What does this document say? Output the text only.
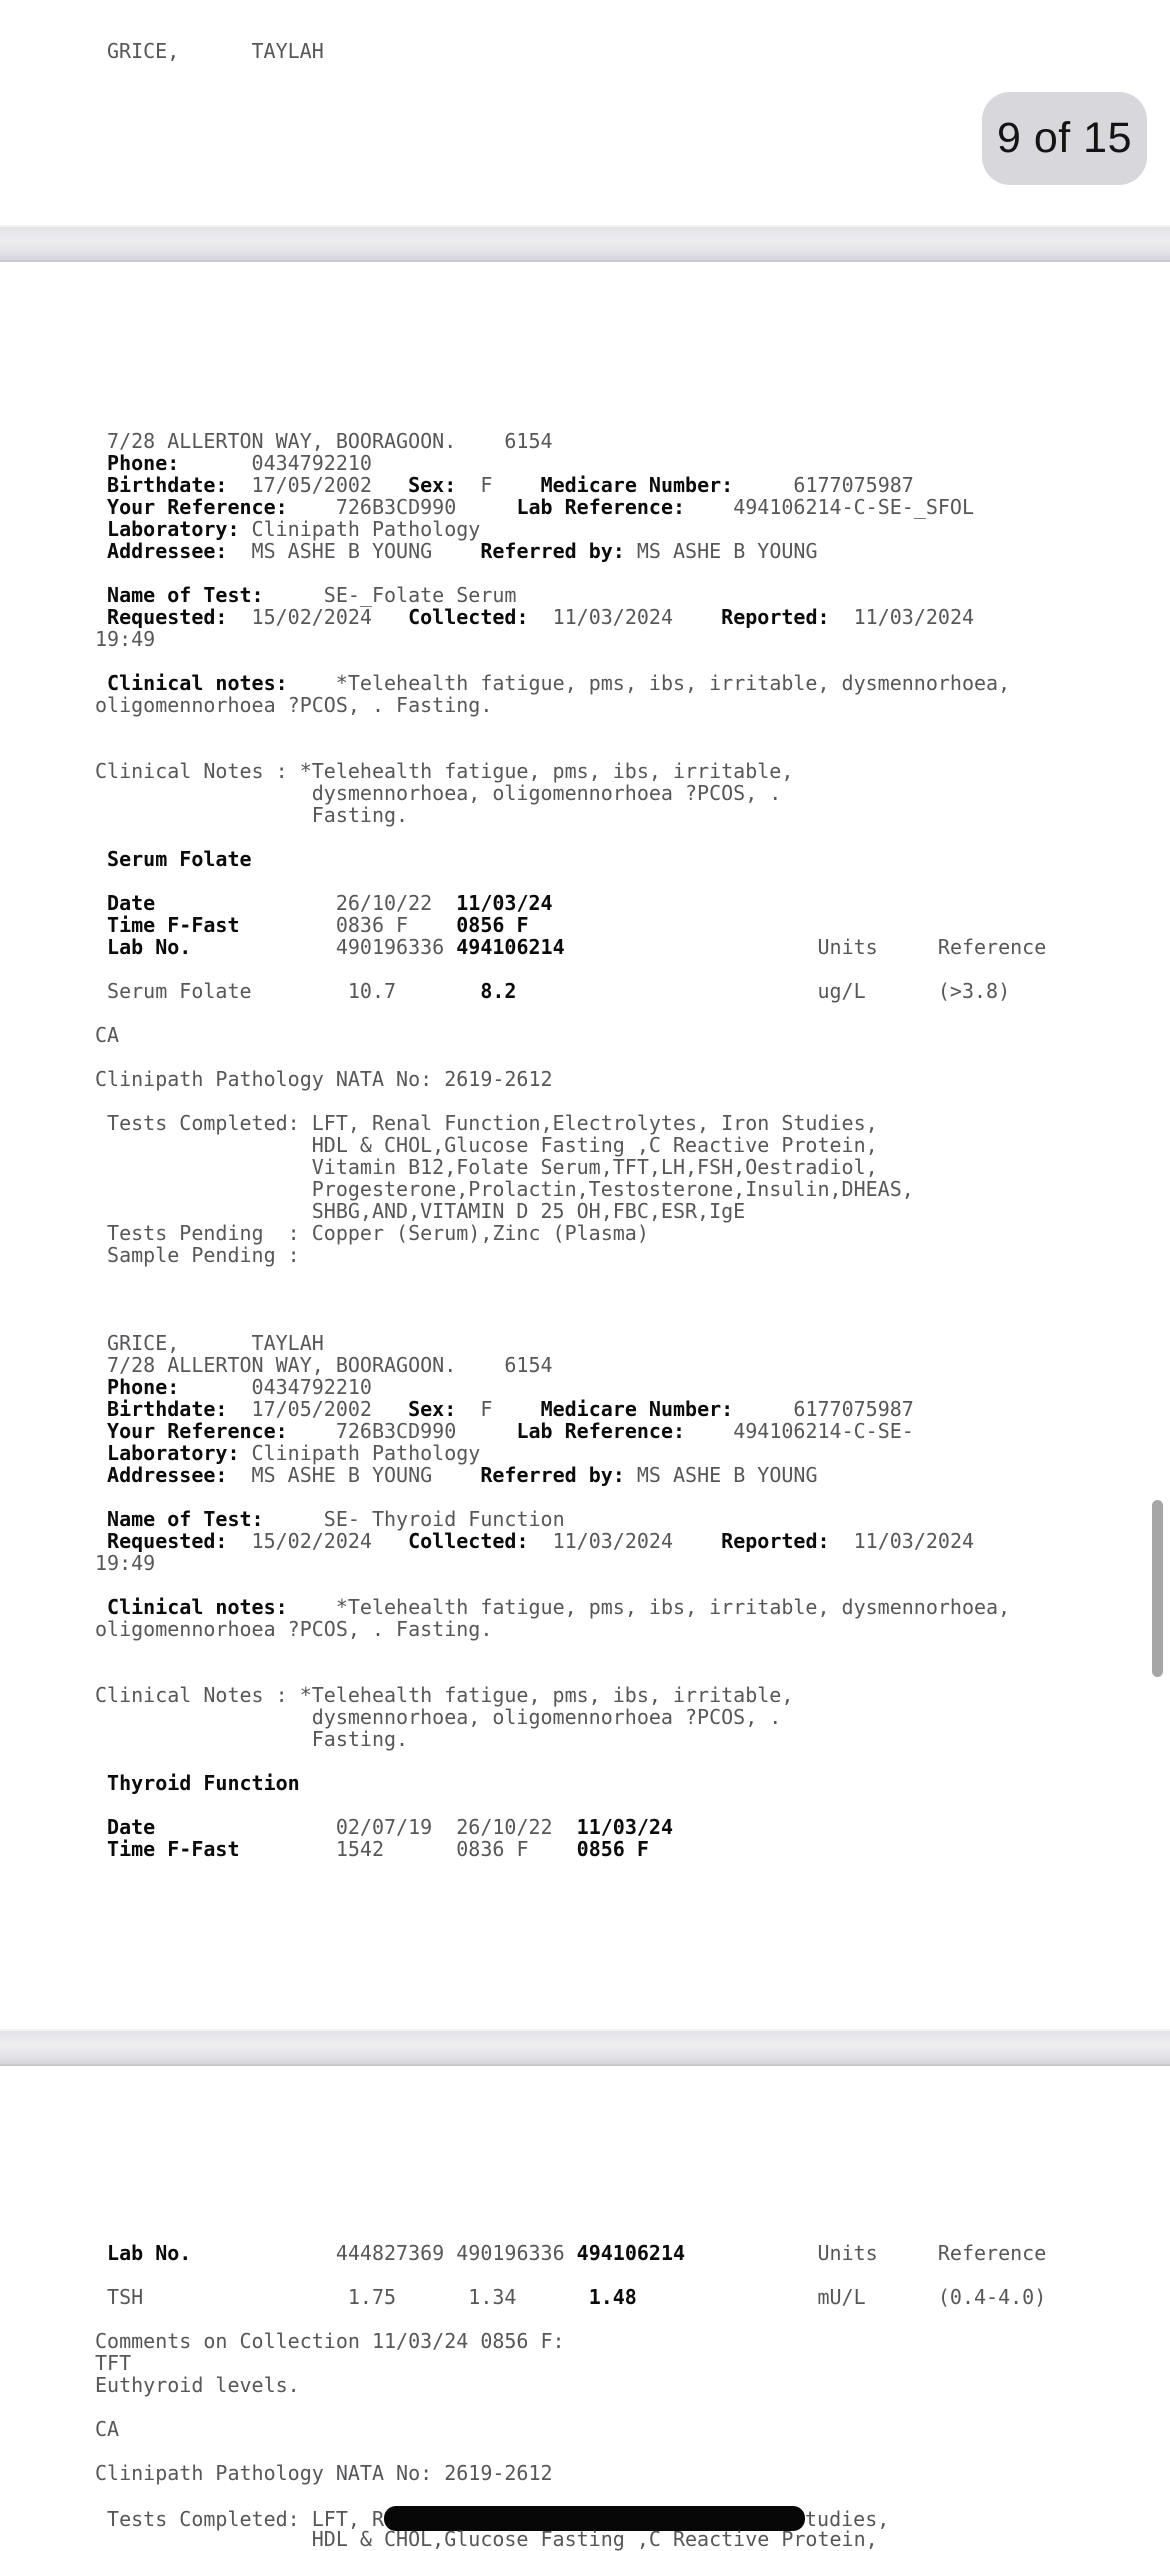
GRICE,      TAYLAH
9 of 15
7/28 ALLERTON WAY, BOORAGOON.    6154
Phone:      0434792210
Birthdate:  17/05/2002   Sex:  F    Medicare Number:     6177075987
Your Reference:    726B3CD990     Lab Reference:    494106214-C-SE-_SFOL
Laboratory: Clinipath Pathology
Addressee:  MS ASHE B YOUNG    Referred by: MS ASHE B YOUNG

Name of Test:     SE-_Folate Serum
Requested:  15/02/2024   Collected:  11/03/2024    Reported:  11/03/2024
19:49

Clinical notes:    *Telehealth fatigue, pms, ibs, irritable, dysmennorhoea,
oligomennorhoea ?PCOS, . Fasting.

Clinical Notes : *Telehealth fatigue, pms, ibs, irritable,
dysmennorhoea, oligomennorhoea ?PCOS, .
Fasting.

Serum Folate

Date               26/10/22  11/03/24
Time F-Fast        0836 F    0856 F
Lab No.            490196336 494106214                     Units     Reference

Serum Folate        10.7       8.2                         ug/L      (>3.8)

CA

Clinipath Pathology NATA No: 2619-2612

Tests Completed: LFT, Renal Function,Electrolytes, Iron Studies,
HDL & CHOL,Glucose Fasting ,C Reactive Protein,
Vitamin B12,Folate Serum,TFT,LH,FSH,Oestradiol,
Progesterone,Prolactin,Testosterone,Insulin,DHEAS,
SHBG,AND,VITAMIN D 25 OH,FBC,ESR,IgE
Tests Pending  : Copper (Serum),Zinc (Plasma)
Sample Pending :

GRICE,      TAYLAH
7/28 ALLERTON WAY, BOORAGOON.    6154
Phone:      0434792210
Birthdate:  17/05/2002   Sex:  F    Medicare Number:     6177075987
Your Reference:    726B3CD990     Lab Reference:    494106214-C-SE-
Laboratory: Clinipath Pathology
Addressee:  MS ASHE B YOUNG    Referred by: MS ASHE B YOUNG

Name of Test:     SE- Thyroid Function
Requested:  15/02/2024   Collected:  11/03/2024    Reported:  11/03/2024
19:49

Clinical notes:    *Telehealth fatigue, pms, ibs, irritable, dysmennorhoea,
oligomennorhoea ?PCOS, . Fasting.

Clinical Notes : *Telehealth fatigue, pms, ibs, irritable,
dysmennorhoea, oligomennorhoea ?PCOS, .
Fasting.

Thyroid Function

Date               02/07/19  26/10/22  11/03/24
Time F-Fast        1542      0836 F    0856 F
Lab No.            444827369 490196336 494106214           Units     Reference

TSH                 1.75      1.34      1.48               mU/L      (0.4-4.0)

Comments on Collection 11/03/24 0856 F:
TFT
Euthyroid levels.

CA

Clinipath Pathology NATA No: 2619-2612

Tests Completed: LFT, R	tudies,
HDL & CHOL,Glucose Fasting ,C Reactive Protein,
